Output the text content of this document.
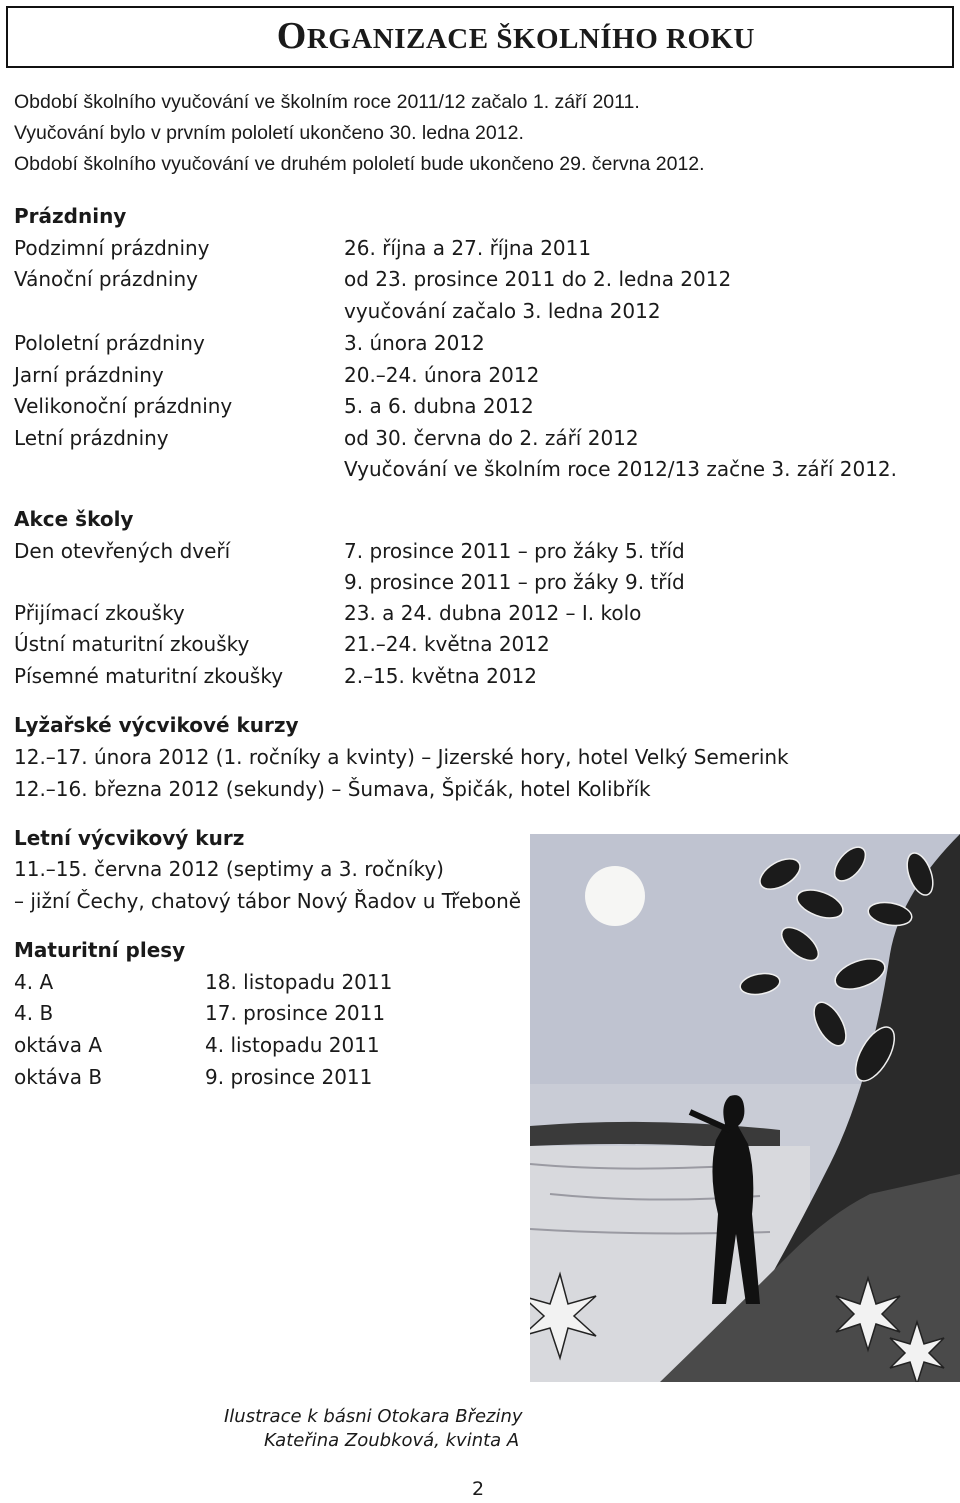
ORGANIZACE ŠKOLNÍHO ROKU
Období školního vyučování ve školním roce 2011/12 začalo 1. září 2011.
Vyučování bylo v prvním pololetí ukončeno 30. ledna 2012.
Období školního vyučování ve druhém pololetí bude ukončeno 29. června 2012.
Prázdniny
Podzimní prázdniny	26. října a 27. října 2011
Vánoční prázdniny	od 23. prosince 2011 do 2. ledna 2012
vyučování začalo 3. ledna 2012
Pololetní prázdniny	3. února 2012
Jarní prázdniny	20.–24. února 2012
Velikonoční prázdniny	5. a 6. dubna 2012
Letní prázdniny	od 30. června do 2. září 2012
Vyučování ve školním roce 2012/13 začne 3. září 2012.
Akce školy
Den otevřených dveří	7. prosince 2011 – pro žáky 5. tříd
9. prosince 2011 – pro žáky 9. tříd
Přijímací zkoušky	23. a 24. dubna 2012 – I. kolo
Ústní maturitní zkoušky	21.–24. května 2012
Písemné maturitní zkoušky	2.–15. května 2012
Lyžařské výcvikové kurzy
12.–17. února 2012 (1. ročníky a kvinty) – Jizerské hory, hotel Velký Semerink
12.–16. března 2012 (sekundy) – Šumava, Špičák, hotel Kolibřík
Letní výcvikový kurz
11.–15. června 2012 (septimy a 3. ročníky)
– jižní Čechy, chatový tábor Nový Řadov u Třeboně
Maturitní plesy
4. A	18. listopadu 2011
4. B	17. prosince 2011
oktáva A	4. listopadu 2011
oktáva B	9. prosince 2011
Ilustrace k básni Otokara Březiny
Kateřina Zoubková, kvinta A
2
